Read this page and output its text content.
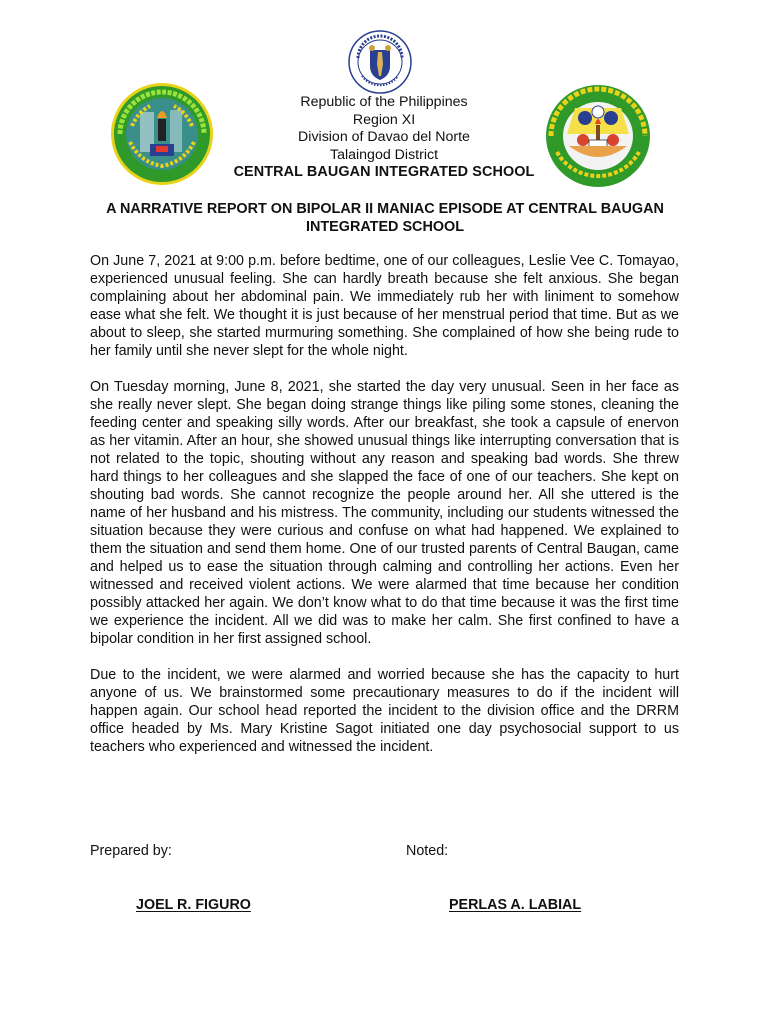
Republic of the Philippines
Region XI
Division of Davao del Norte
Talaingod District
CENTRAL BAUGAN INTEGRATED SCHOOL
A NARRATIVE REPORT ON BIPOLAR II MANIAC EPISODE AT CENTRAL BAUGAN
INTEGRATED SCHOOL

On June 7, 2021 at 9:00 p.m. before bedtime, one of our colleagues, Leslie Vee C. Tomayao, experienced unusual feeling. She can hardly breath because she felt anxious. She began complaining about her abdominal pain. We immediately rub her with liniment to somehow ease what she felt. We thought it is just because of her menstrual period that time. But as we about to sleep, she started murmuring something. She complained of how she being rude to her family until she never slept for the whole night.

On Tuesday morning, June 8, 2021, she started the day very unusual. Seen in her face as she really never slept. She began doing strange things like piling some stones, cleaning the feeding center and speaking silly words. After our breakfast, she took a capsule of enervon as her vitamin. After an hour, she showed unusual things like interrupting conversation that is not related to the topic, shouting without any reason and speaking bad words. She threw hard things to her colleagues and she slapped the face of one of our teachers. She kept on shouting bad words. She cannot recognize the people around her. All she uttered is the name of her husband and his mistress. The community, including our students witnessed the situation because they were curious and confuse on what had happened. We explained to them the situation and send them home. One of our trusted parents of Central Baugan, came and helped us to ease the situation through calming and controlling her actions. Even her witnessed and received violent actions. We were alarmed that time because her condition possibly attacked her again. We don’t know what to do that time because it was the first time we experience the incident. All we did was to make her calm. She first confined to have a bipolar condition in her first assigned school.

Due to the incident, we were alarmed and worried because she has the capacity to hurt anyone of us. We brainstormed some precautionary measures to do if the incident will happen again. Our school head reported the incident to the division office and the DRRM office headed by Ms. Mary Kristine Sagot initiated one day psychosocial support to us teachers who experienced and witnessed the incident.

Prepared by:	Noted:
JOEL R. FIGURO	PERLAS A. LABIAL
